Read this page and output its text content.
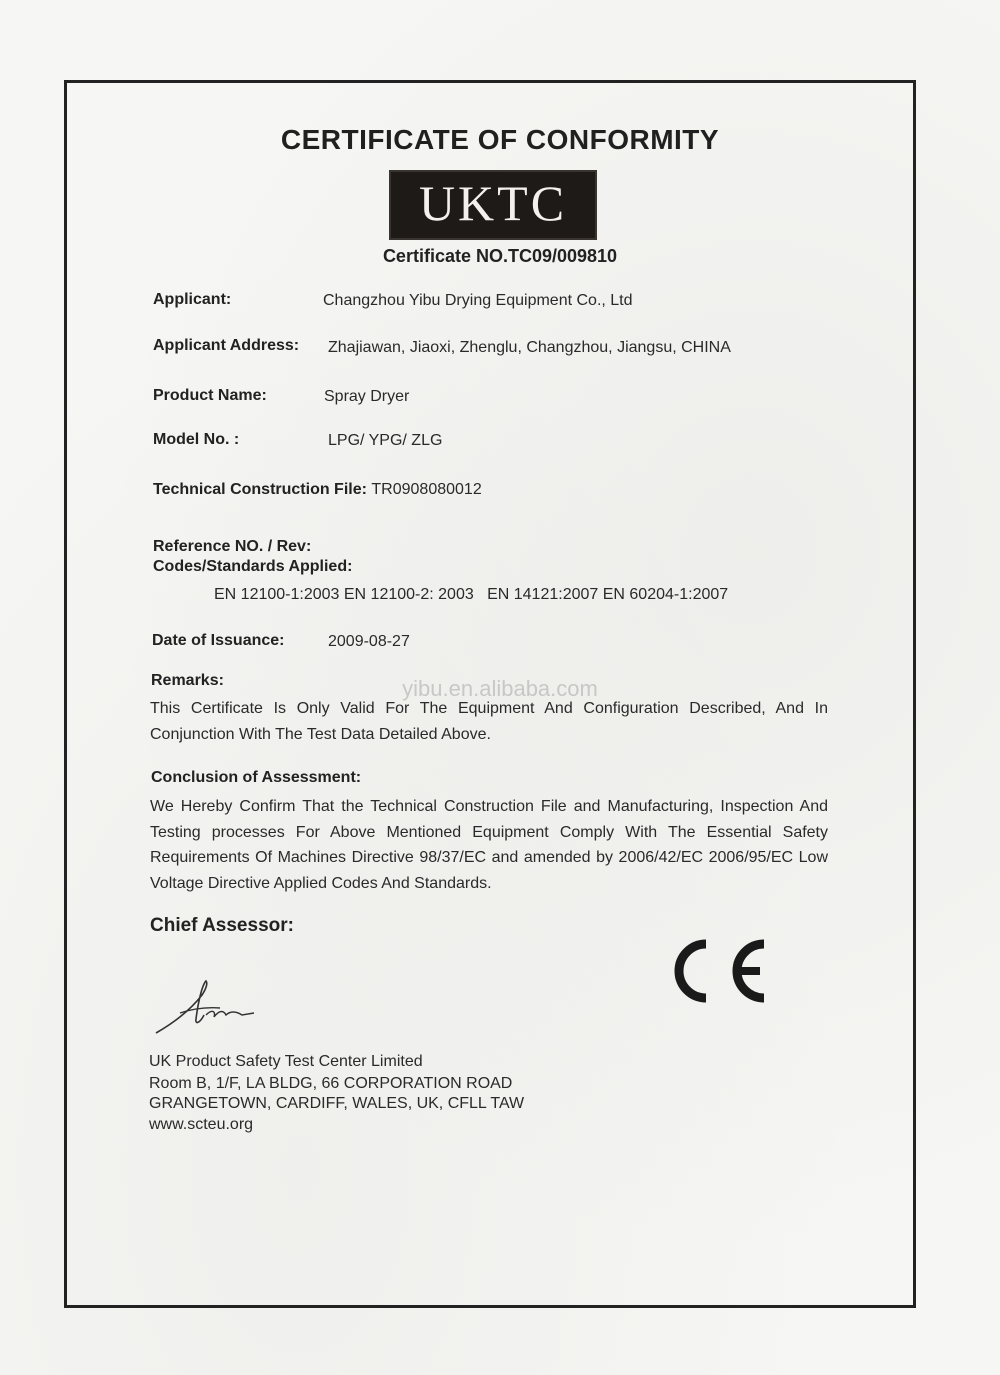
CERTIFICATE OF CONFORMITY
UKTC
Certificate NO.TC09/009810
Applicant:	Changzhou Yibu Drying Equipment Co., Ltd
Applicant Address: Zhajiawan, Jiaoxi, Zhenglu, Changzhou, Jiangsu, CHINA
Product Name:	Spray Dryer
Model No. :	LPG/ YPG/ ZLG
Technical Construction File: TR0908080012
Reference NO. / Rev:
Codes/Standards Applied:
EN 12100-1:2003 EN 12100-2: 2003   EN 14121:2007 EN 60204-1:2007
Date of Issuance:	2009-08-27
yibu.en.alibaba.com
Remarks:
This Certificate Is Only Valid For The Equipment And Configuration Described, And In Conjunction With The Test Data Detailed Above.
Conclusion of Assessment:
We Hereby Confirm That the Technical Construction File and Manufacturing, Inspection And Testing processes For Above Mentioned Equipment Comply With The Essential Safety Requirements Of Machines Directive 98/37/EC and amended by 2006/42/EC 2006/95/EC Low Voltage Directive Applied Codes And Standards.
Chief Assessor:
UK Product Safety Test Center Limited
Room B, 1/F, LA BLDG, 66 CORPORATION ROAD
GRANGETOWN, CARDIFF, WALES, UK, CFLL TAW
www.scteu.org
